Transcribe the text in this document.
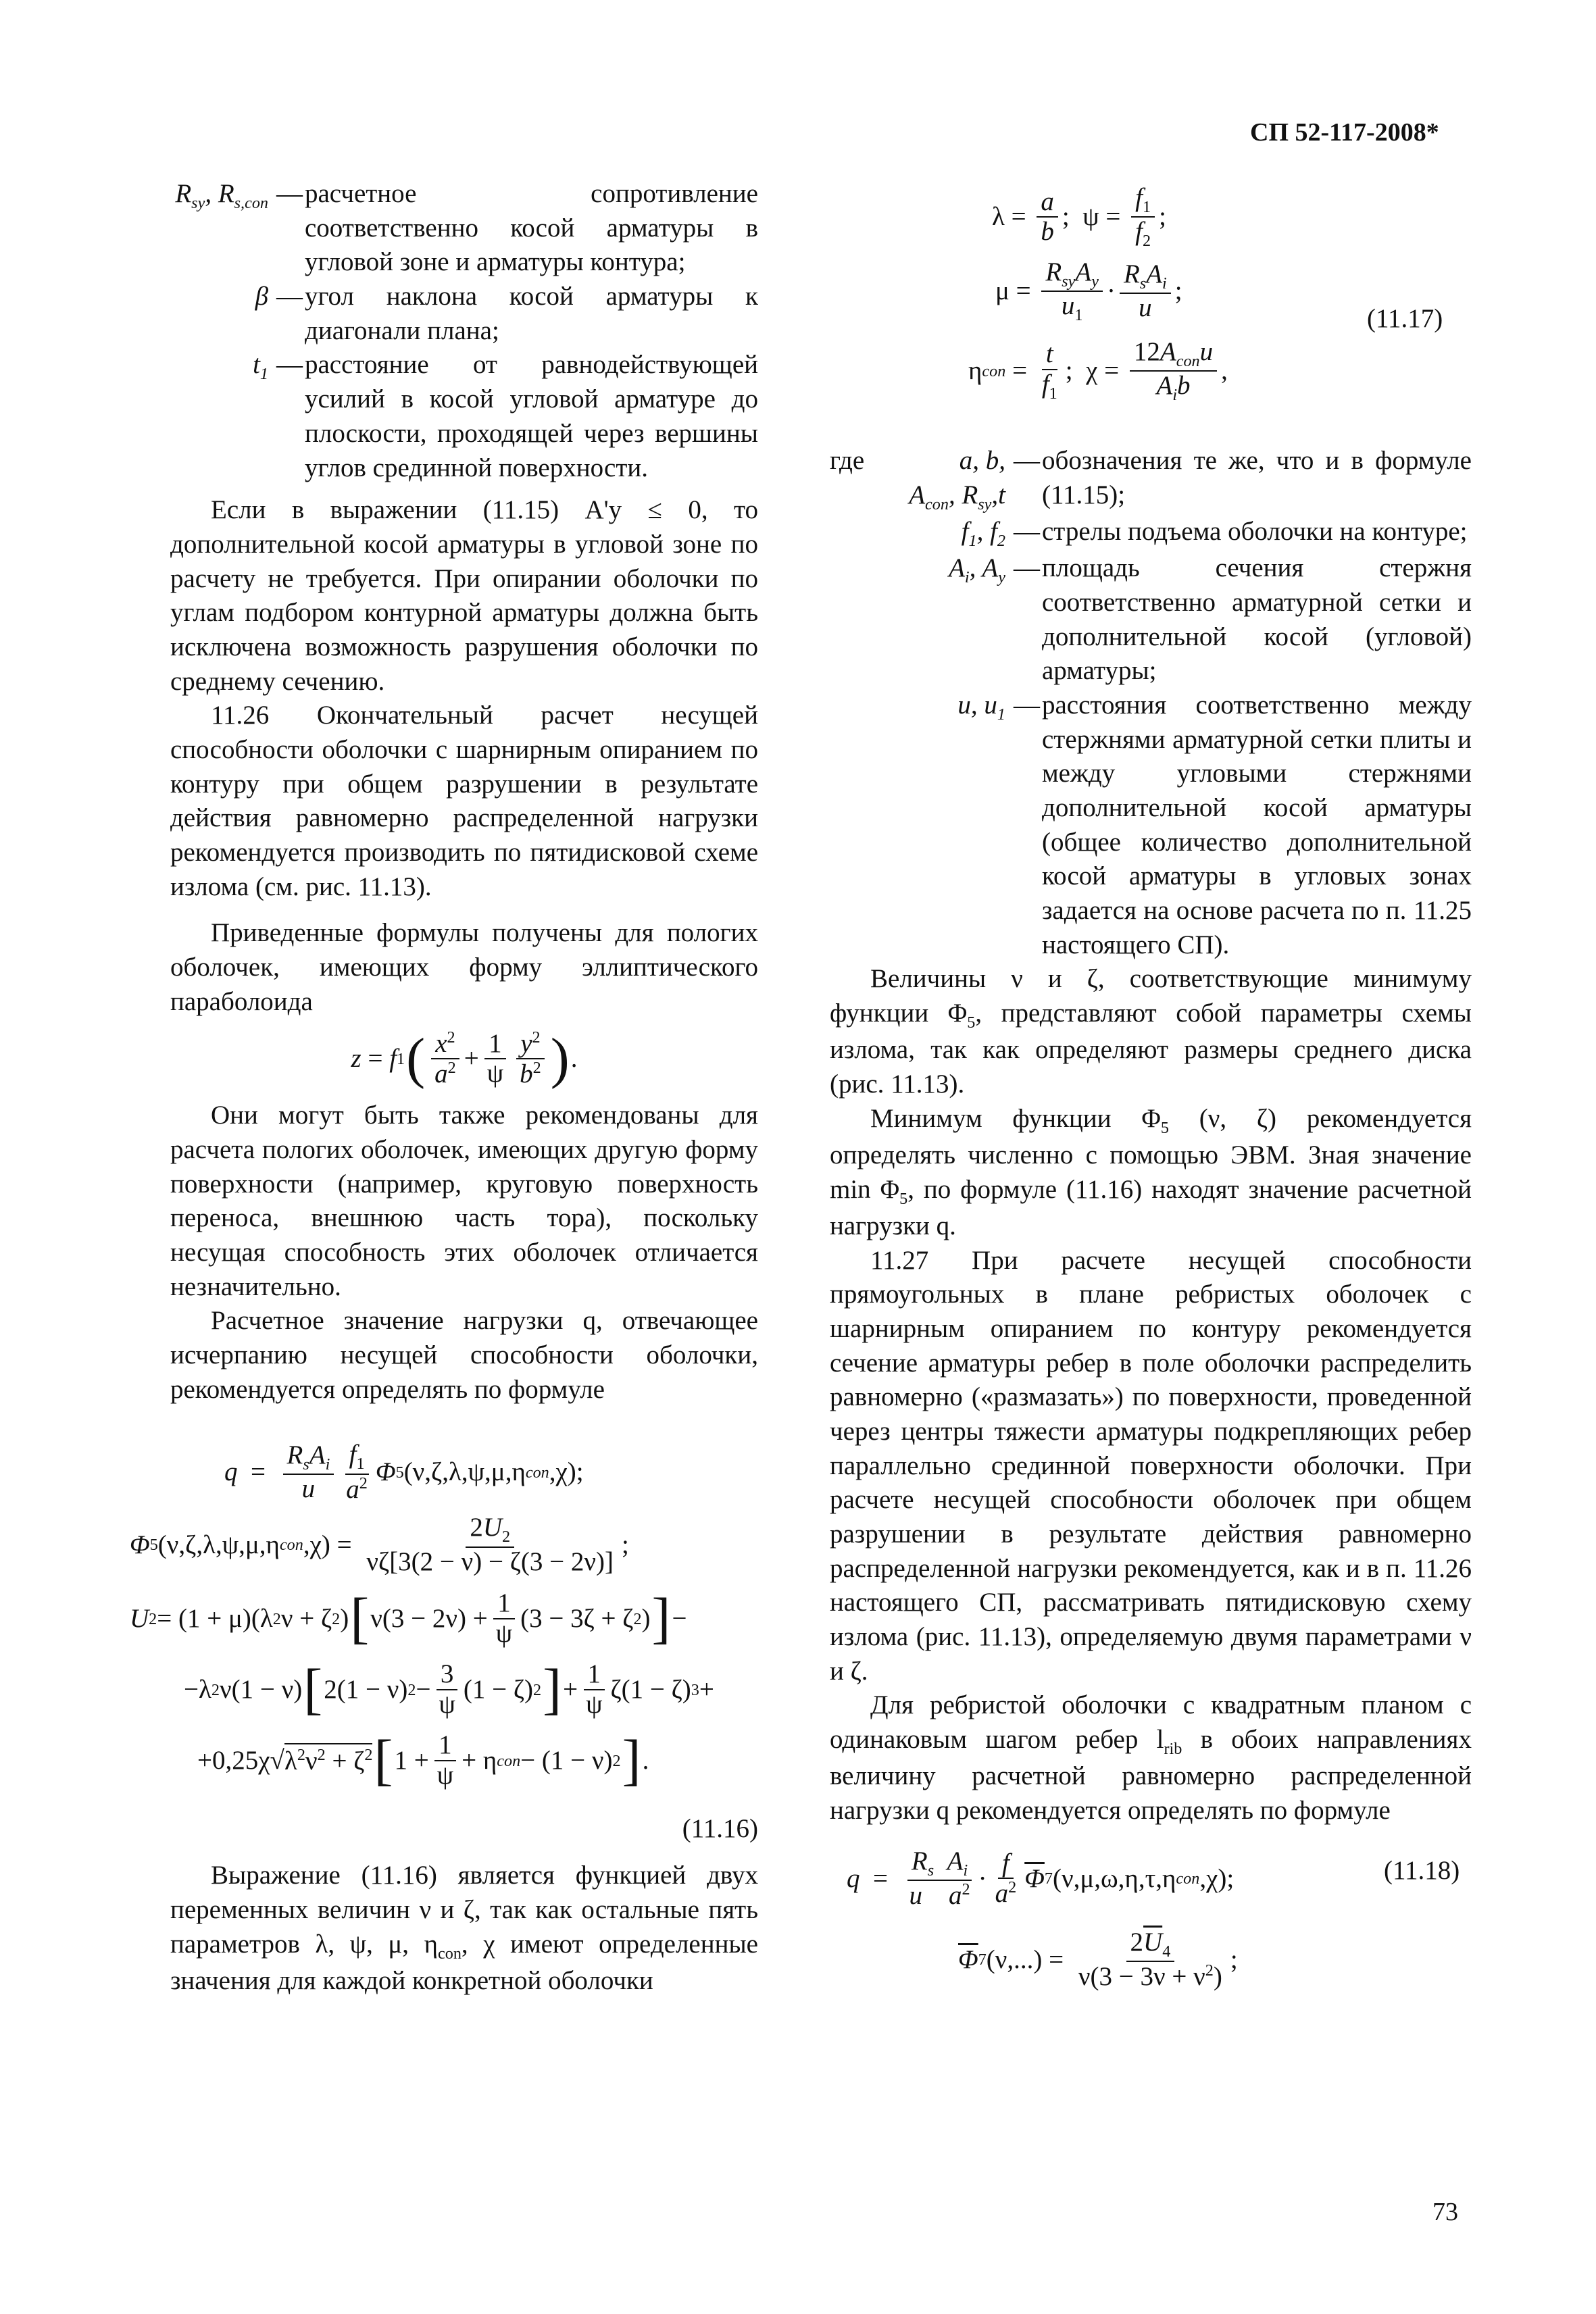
СП 52-117-2008*
$R_{sy}$, $R_{s,con}$ — расчетное сопротивление соответственно косой арматуры в угловой зоне и арматуры контура;
β — угол наклона косой арматуры к диагонали плана;
$t_1$ — расстояние от равнодействующей усилий в косой угловой арматуре до плоскости, проходящей через вершины углов срединной поверхности.

Если в выражении (11.15) A'y ≤ 0, то дополнительной косой арматуры в угловой зоне по расчету не требуется. При опирании оболочки по углам подбором контурной арматуры должна быть исключена возможность разрушения оболочки по среднему сечению.

11.26 Окончательный расчет несущей способности оболочки с шарнирным опиранием по контуру при общем разрушении в результате действия равномерно распределенной нагрузки рекомендуется производить по пятидисковой схеме излома (см. рис. 11.13).

Приведенные формулы получены для пологих оболочек, имеющих форму эллиптического параболоида

z = f 1 ( $\frac{x^2}{a^2} + \frac{1}{\psi} \frac{y^2}{b^2}$ ) .

Они могут быть также рекомендованы для расчета пологих оболочек, имеющих другую форму поверхности (например, круговую поверхность переноса, внешнюю часть тора), поскольку несущая способность этих оболочек отличается незначительно.

Расчетное значение нагрузки q, отвечающее исчерпанию несущей способности оболочки, рекомендуется определять по формуле

$q = \frac{R_sA_i}{u} \frac{f_1}{a^2}$ Φ 5 (ν,ζ,λ,ψ,μ,η con ,χ);
Φ 5 (ν,ζ,λ,ψ,μ,η con $,\chi) = \frac{2U_2}{\nu\zeta[3(2 - \nu) - \zeta(3 - 2\nu)]}$ ;
U 2 = (1 + μ)(λ 2 ν + ζ 2 ) [ $\nu(3 - 2\nu) + \frac{1}{\psi} (3 - 3\zeta + \zeta$ 2 ) ] −
−λ 2 ν(1 − ν) [ 2(1 − ν) $2 - \frac{3}{\psi} (1 - \zeta)$ 2 ] + $\frac{1}{\psi} \zeta(1 - \zeta) 3$ +
+0,25χ√ $\lambda^2\nu^2 + \zeta^2$ [ $1 + \frac{1}{\psi} + \eta$ con − (1 − ν) 2 ] .
(11.16)

Выражение (11.16) является функцией двух переменных величин ν и ζ, так как остальные пять параметров λ, ψ, μ, $\eta_{con}$, χ имеют определенные значения для каждой конкретной оболочки

$\lambda = \frac{a}{b}$ ;  $\psi = \frac{f_1}{f_2}$ ;
$\mu = \frac{R_{sy}A_y}{u_1} \cdot \frac{R_sA_i}{u}$ ;
η con = $\frac{t}{f_1}$ ;  $\chi = \frac{12A_{con}u}{A_ib}$ ,
(11.17)
где	a, b,
$A_{con}$, $R_{sy},t$
— обозначения те же, что и в формуле (11.15);
$f_1$, $f_2$ — стрелы подъема оболочки на контуре;
$A_i$, $A_y$ — площадь сечения стержня соответственно арматурной сетки и дополнительной косой (угловой) арматуры;
u, $u_1$ — расстояния соответственно между стержнями арматурной сетки плиты и между угловыми стержнями дополнительной косой арматуры (общее количество дополнительной косой арматуры в угловых зонах задается на основе расчета по п. 11.25 настоящего СП).

Величины ν и ζ, соответствующие минимуму функции $\Phi_5$, представляют собой параметры схемы излома, так как определяют размеры среднего диска (рис. 11.13).

Минимум функции $\Phi_5$ (ν, ζ) рекомендуется определять численно с помощью ЭВМ. Зная значение $\min \Phi_5$, по формуле (11.16) находят значение расчетной нагрузки q.

11.27 При расчете несущей способности прямоугольных в плане ребристых оболочек с шарнирным опиранием по контуру рекомендуется сечение арматуры ребер в поле оболочки распределить равномерно («размазать») по поверхности, проведенной через центры тяжести арматуры подкрепляющих ребер параллельно срединной поверхности оболочки. При расчете несущей способности оболочек при общем разрушении в результате действия равномерно распределенной нагрузки рекомендуется, как и в п. 11.26 настоящего СП, рассматривать пятидисковую схему излома (рис. 11.13), определяемую двумя параметрами ν и ζ.

Для ребристой оболочки с квадратным планом с одинаковым шагом ребер $l_{rib}$ в обоих направлениях величину расчетной равномерно распределенной нагрузки q рекомендуется определять по формуле

$q = \frac{R_s A_i}{u a^2} \cdot \frac{f}{a^2} \overline{\Phi}$ 7 (ν,μ,ω,η,τ,η con ,χ);	(11.18)
$\overline{\Phi}$ 7 $(\nu,...) = \frac{2\overline{U}_4}{\nu(3 - 3\nu + \nu^2)}$ ;
73
